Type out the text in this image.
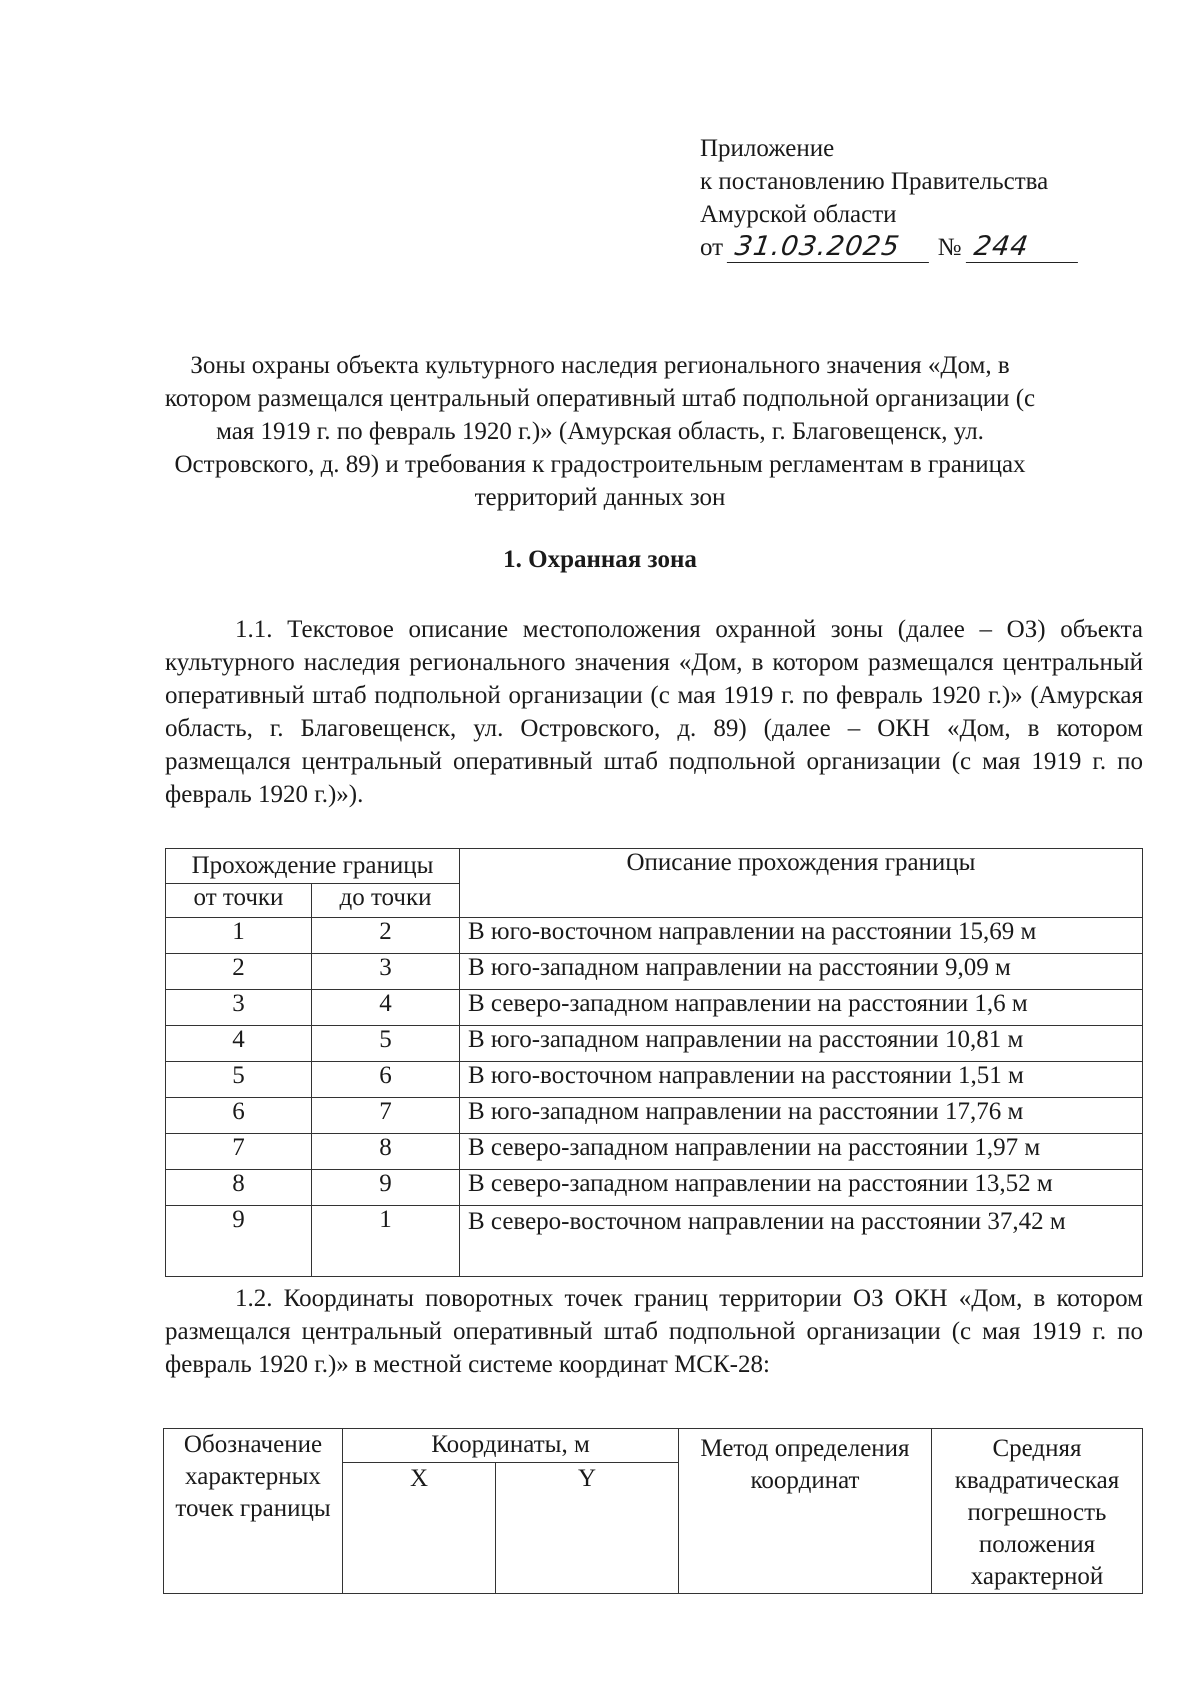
Приложение
к постановлению Правительства
Амурской области
от 31.03.2025 № 244
Зоны охраны объекта культурного наследия регионального значения «Дом, в котором размещался центральный оперативный штаб подпольной организации (с мая 1919 г. по февраль 1920 г.)» (Амурская область, г. Благовещенск, ул. Островского, д. 89) и требования к градостроительным регламентам в границах территорий данных зон
1. Охранная зона
1.1. Текстовое описание местоположения охранной зоны (далее – ОЗ) объекта культурного наследия регионального значения «Дом, в котором размещался центральный оперативный штаб подпольной организации (с мая 1919 г. по февраль 1920 г.)» (Амурская область, г. Благовещенск, ул. Островского, д. 89) (далее – ОКН «Дом, в котором размещался центральный оперативный штаб подпольной организации (с мая 1919 г. по февраль 1920 г.)»).
Прохождение границы		Описание прохождения границы
от точки	до точки	
1	2	В юго-восточном направлении на расстоянии 15,69 м
2	3	В юго-западном направлении на расстоянии 9,09 м
3	4	В северо-западном направлении на расстоянии 1,6 м
4	5	В юго-западном направлении на расстоянии 10,81 м
5	6	В юго-восточном направлении на расстоянии 1,51 м
6	7	В юго-западном направлении на расстоянии 17,76 м
7	8	В северо-западном направлении на расстоянии 1,97 м
8	9	В северо-западном направлении на расстоянии 13,52 м
9	1	В северо-восточном направлении на расстоянии 37,42 м
1.2. Координаты поворотных точек границ территории ОЗ ОКН «Дом, в котором размещался центральный оперативный штаб подпольной организации (с мая 1919 г. по февраль 1920 г.)» в местной системе координат МСК-28:
Обозначение характерных точек границы	Координаты, м		Метод определения координат	Средняя квадратическая погрешность положения характерной
	X	Y		
